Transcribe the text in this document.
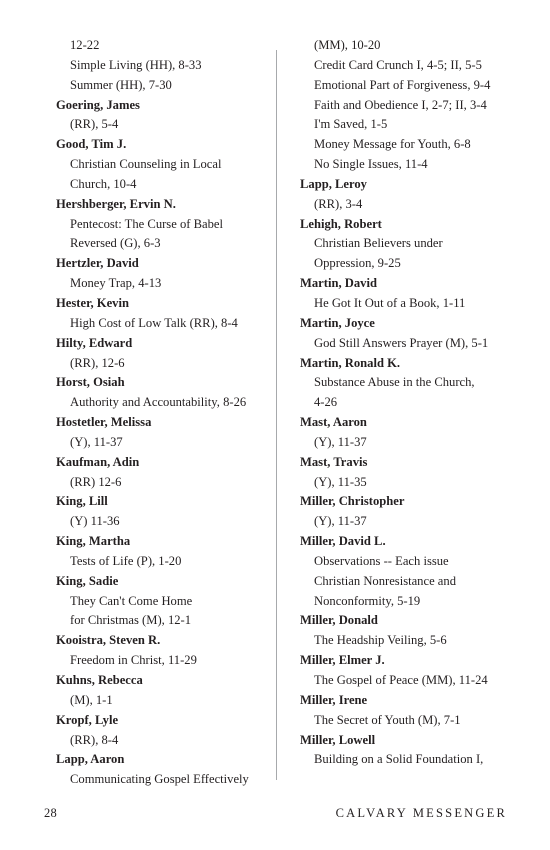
12-22
Simple Living (HH), 8-33
Summer (HH), 7-30
Goering, James
(RR), 5-4
Good, Tim J.
Christian Counseling in Local
Church, 10-4
Hershberger, Ervin N.
Pentecost: The Curse of Babel
Reversed (G), 6-3
Hertzler, David
Money Trap, 4-13
Hester, Kevin
High Cost of Low Talk (RR), 8-4
Hilty, Edward
(RR), 12-6
Horst, Osiah
Authority and Accountability, 8-26
Hostetler, Melissa
(Y), 11-37
Kaufman, Adin
(RR) 12-6
King, Lill
(Y) 11-36
King, Martha
Tests of Life (P), 1-20
King, Sadie
They Can't Come Home
for Christmas (M), 12-1
Kooistra, Steven R.
Freedom in Christ, 11-29
Kuhns, Rebecca
(M), 1-1
Kropf, Lyle
(RR), 8-4
Lapp, Aaron
Communicating Gospel Effectively
(MM), 10-20
Credit Card Crunch I, 4-5; II, 5-5
Emotional Part of Forgiveness, 9-4
Faith and Obedience I, 2-7; II, 3-4
I'm Saved, 1-5
Money Message for Youth, 6-8
No Single Issues, 11-4
Lapp, Leroy
(RR), 3-4
Lehigh, Robert
Christian Believers under
Oppression, 9-25
Martin, David
He Got It Out of a Book, 1-11
Martin, Joyce
God Still Answers Prayer (M), 5-1
Martin, Ronald K.
Substance Abuse in the Church,
4-26
Mast, Aaron
(Y), 11-37
Mast, Travis
(Y), 11-35
Miller, Christopher
(Y), 11-37
Miller, David L.
Observations -- Each issue
Christian Nonresistance and
Nonconformity, 5-19
Miller, Donald
The Headship Veiling, 5-6
Miller, Elmer J.
The Gospel of Peace (MM), 11-24
Miller, Irene
The Secret of Youth (M), 7-1
Miller, Lowell
Building on a Solid Foundation I,
28	CALVARY MESSENGER
